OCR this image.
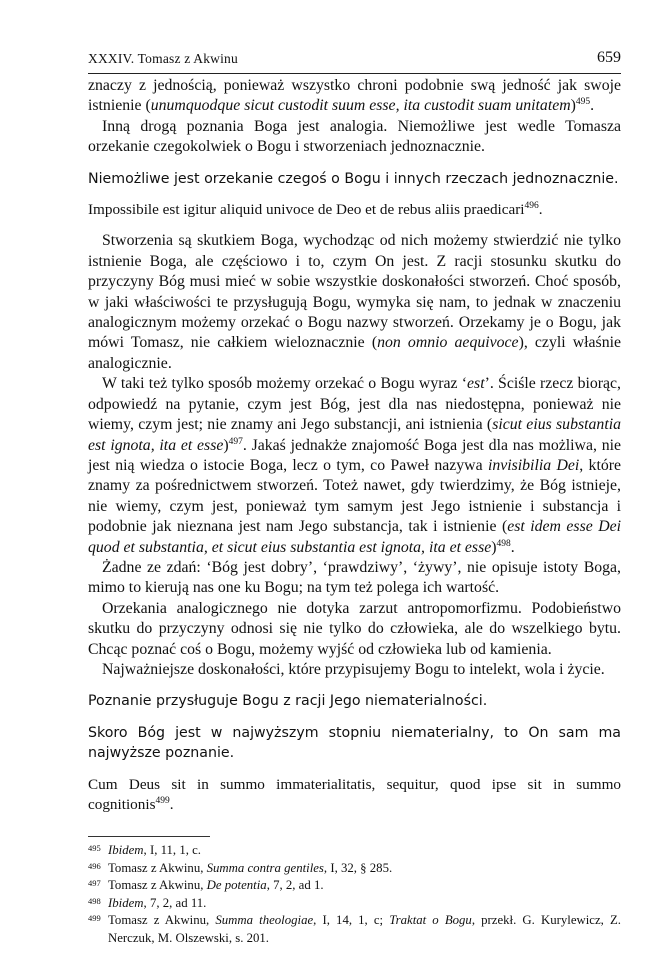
XXXIV. Tomasz z Akwinu	659

znaczy z jednością, ponieważ wszystko chroni podobnie swą jedność jak swoje istnienie (unumquodque sicut custodit suum esse, ita custodit suam unitatem)$^{495}$.

Inną drogą poznania Boga jest analogia. Niemożliwe jest wedle Tomasza orzekanie czegokolwiek o Bogu i stworzeniach jednoznacznie.

Niemożliwe jest orzekanie czegoś o Bogu i innych rzeczach jednoznacznie.

Impossibile est igitur aliquid univoce de Deo et de rebus aliis praedicari$^{496}$.

Stworzenia są skutkiem Boga, wychodząc od nich możemy stwierdzić nie tylko istnienie Boga, ale częściowo i to, czym On jest. Z racji stosunku skutku do przyczyny Bóg musi mieć w sobie wszystkie doskonałości stworzeń. Choć sposób, w jaki właściwości te przysługują Bogu, wymyka się nam, to jednak w znaczeniu analogicznym możemy orzekać o Bogu nazwy stworzeń. Orzekamy je o Bogu, jak mówi Tomasz, nie całkiem wieloznacznie (non omnio aequivoce), czyli właśnie analogicznie.

W taki też tylko sposób możemy orzekać o Bogu wyraz ‘est’. Ściśle rzecz biorąc, odpowiedź na pytanie, czym jest Bóg, jest dla nas niedostępna, ponieważ nie wiemy, czym jest; nie znamy ani Jego substancji, ani istnienia (sicut eius substantia est ignota, ita et esse)$^{497}$. Jakaś jednakże znajomość Boga jest dla nas możliwa, nie jest nią wiedza o istocie Boga, lecz o tym, co Paweł nazywa invisibilia Dei, które znamy za pośrednictwem stworzeń. Toteż nawet, gdy twierdzimy, że Bóg istnieje, nie wiemy, czym jest, ponieważ tym samym jest Jego istnienie i substancja i podobnie jak nieznana jest nam Jego substancja, tak i istnienie (est idem esse Dei quod et substantia, et sicut eius substantia est ignota, ita et esse)$^{498}$.

Żadne ze zdań: ‘Bóg jest dobry’, ‘prawdziwy’, ‘żywy’, nie opisuje istoty Boga, mimo to kierują nas one ku Bogu; na tym też polega ich wartość.

Orzekania analogicznego nie dotyka zarzut antropomorfizmu. Podobieństwo skutku do przyczyny odnosi się nie tylko do człowieka, ale do wszelkiego bytu. Chcąc poznać coś o Bogu, możemy wyjść od człowieka lub od kamienia.

Najważniejsze doskonałości, które przypisujemy Bogu to intelekt, wola i życie.

Poznanie przysługuje Bogu z racji Jego niematerialności.

Skoro Bóg jest w najwyższym stopniu niematerialny, to On sam ma najwyższe poznanie.

Cum Deus sit in summo immaterialitatis, sequitur, quod ipse sit in summo cognitionis$^{499}$.

495 Ibidem, I, 11, 1, c.
496 Tomasz z Akwinu, Summa contra gentiles, I, 32, § 285.
497 Tomasz z Akwinu, De potentia, 7, 2, ad 1.
498 Ibidem, 7, 2, ad 11.
499 Tomasz z Akwinu, Summa theologiae, I, 14, 1, c; Traktat o Bogu, przekł. G. Kurylewicz, Z. Nerczuk, M. Olszewski, s. 201.
